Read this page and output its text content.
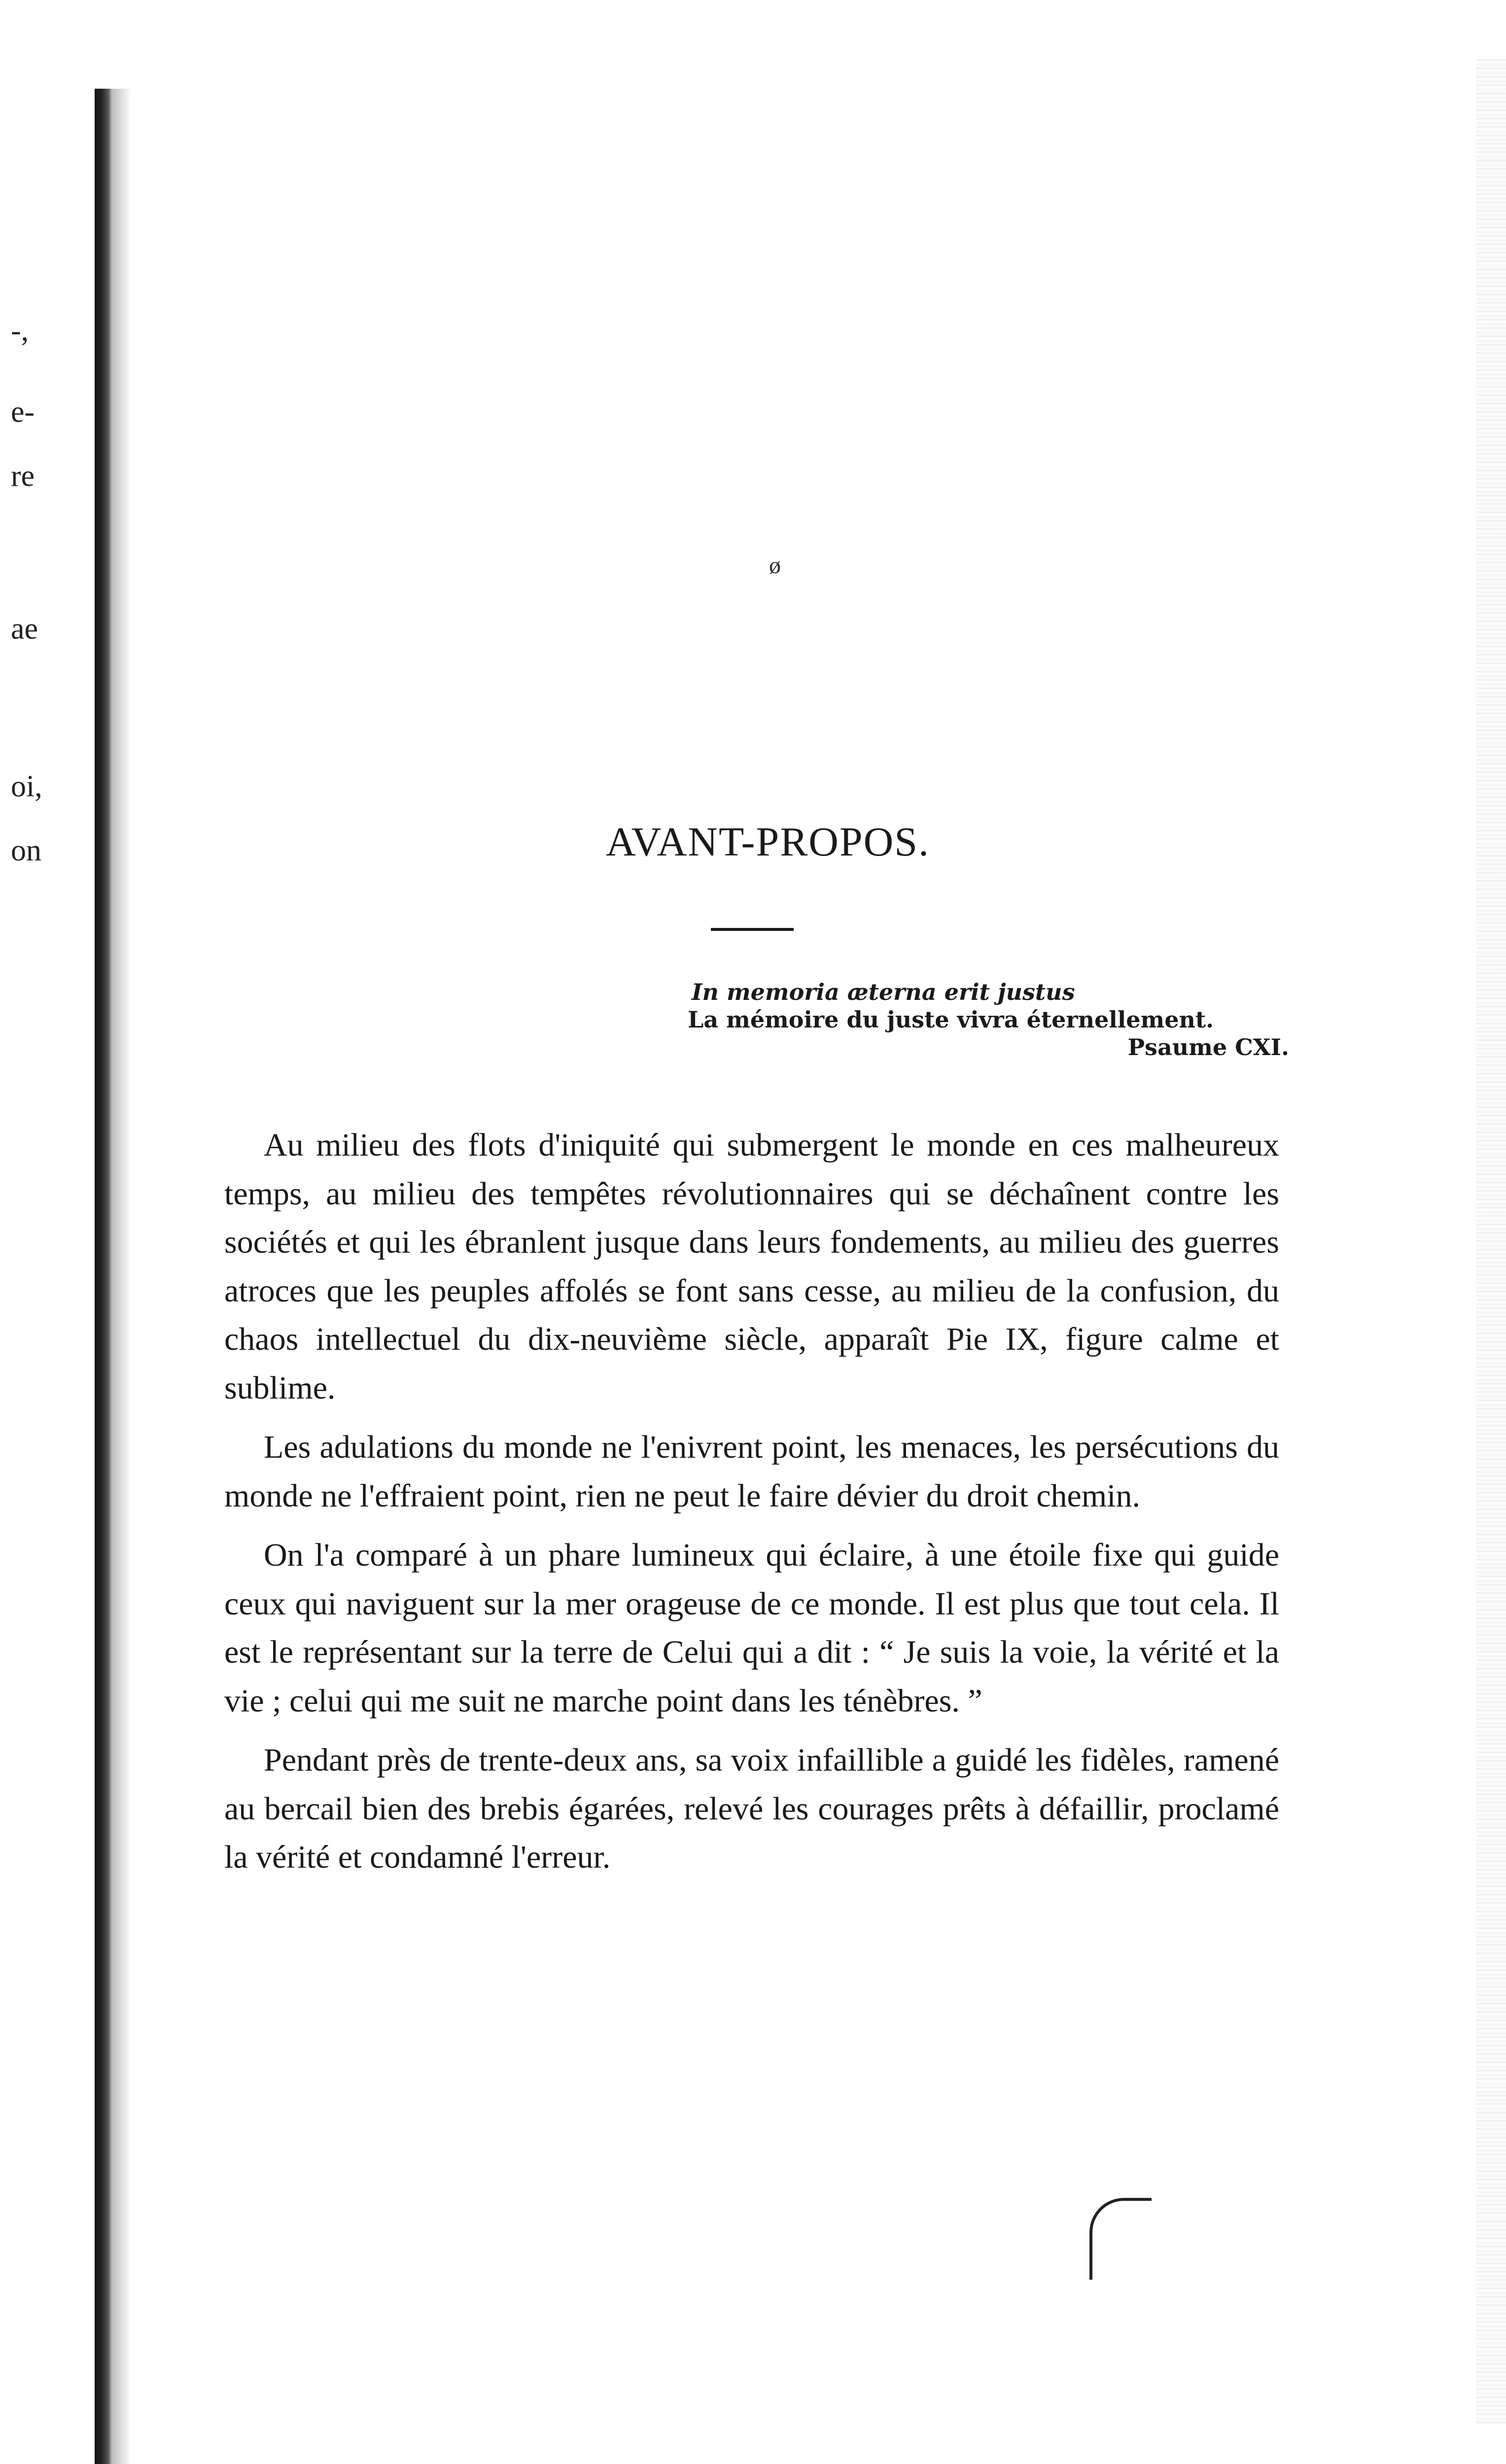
-,
e-
re
ae
oi,
on
ø
AVANT-PROPOS.
In memoria æterna erit justus
La mémoire du juste vivra éternellement.
Psaume CXI.

Au milieu des flots d'iniquité qui submergent le monde en ces malheureux temps, au milieu des tempêtes révolutionnaires qui se déchaînent contre les sociétés et qui les ébranlent jusque dans leurs fondements, au milieu des guerres atroces que les peuples affolés se font sans cesse, au milieu de la confusion, du chaos intellectuel du dix-neuvième siècle, apparaît Pie IX, figure calme et sublime.

Les adulations du monde ne l'enivrent point, les menaces, les persécutions du monde ne l'effraient point, rien ne peut le faire dévier du droit chemin.

On l'a comparé à un phare lumineux qui éclaire, à une étoile fixe qui guide ceux qui naviguent sur la mer orageuse de ce monde. Il est plus que tout cela. Il est le représentant sur la terre de Celui qui a dit : “ Je suis la voie, la vérité et la vie ; celui qui me suit ne marche point dans les ténèbres. ”

Pendant près de trente-deux ans, sa voix infaillible a guidé les fidèles, ramené au bercail bien des brebis égarées, relevé les courages prêts à défaillir, proclamé la vérité et condamné l'erreur.
